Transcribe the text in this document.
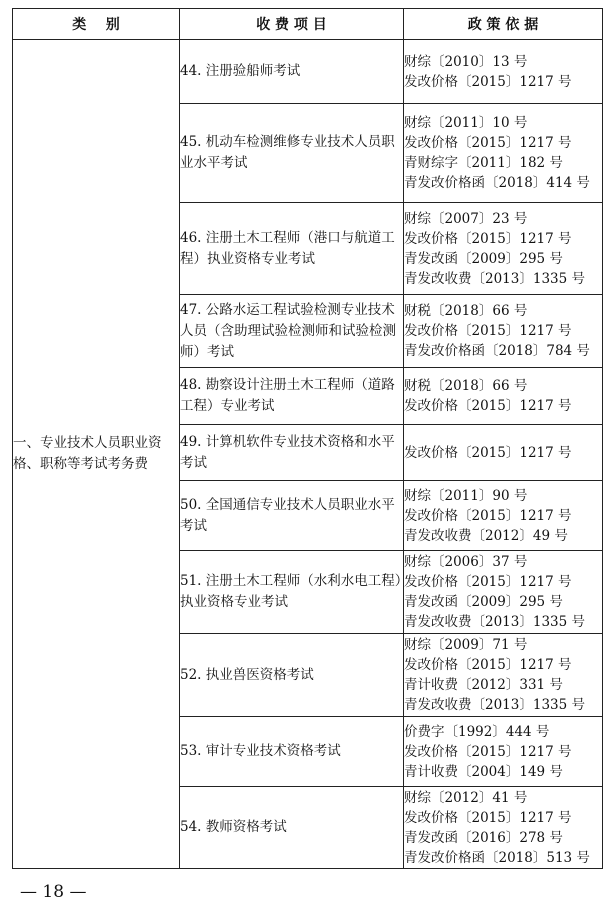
类    别	收 费 项 目	政 策 依 据
一、专业技术人员职业资格、职称等考试考务费	44. 注册验船师考试	财综〔2010〕13 号
发改价格〔2015〕1217 号

	45. 机动车检测维修专业技术人员职业水平考试	财综〔2011〕10 号
发改价格〔2015〕1217 号
青财综字〔2011〕182 号
青发改价格函〔2018〕414 号

	46. 注册土木工程师（港口与航道工程）执业资格专业考试	财综〔2007〕23 号
发改价格〔2015〕1217 号
青发改函〔2009〕295 号
青发改收费〔2013〕1335 号

	47. 公路水运工程试验检测专业技术人员（含助理试验检测师和试验检测师）考试	财税〔2018〕66 号
发改价格〔2015〕1217 号
青发改价格函〔2018〕784 号

	48. 勘察设计注册土木工程师（道路工程）专业考试	财税〔2018〕66 号
发改价格〔2015〕1217 号

	49. 计算机软件专业技术资格和水平考试	发改价格〔2015〕1217 号

	50. 全国通信专业技术人员职业水平考试	财综〔2011〕90 号
发改价格〔2015〕1217 号
青发改收费〔2012〕49 号

	51. 注册土木工程师（水利水电工程）执业资格专业考试	财综〔2006〕37 号
发改价格〔2015〕1217 号
青发改函〔2009〕295 号
青发改收费〔2013〕1335 号

	52. 执业兽医资格考试	财综〔2009〕71 号
发改价格〔2015〕1217 号
青计收费〔2012〕331 号
青发改收费〔2013〕1335 号

	53. 审计专业技术资格考试	价费字〔1992〕444 号
发改价格〔2015〕1217 号
青计收费〔2004〕149 号

	54. 教师资格考试	财综〔2012〕41 号
发改价格〔2015〕1217 号
青发改函〔2016〕278 号
青发改价格函〔2018〕513 号
— 18 —
